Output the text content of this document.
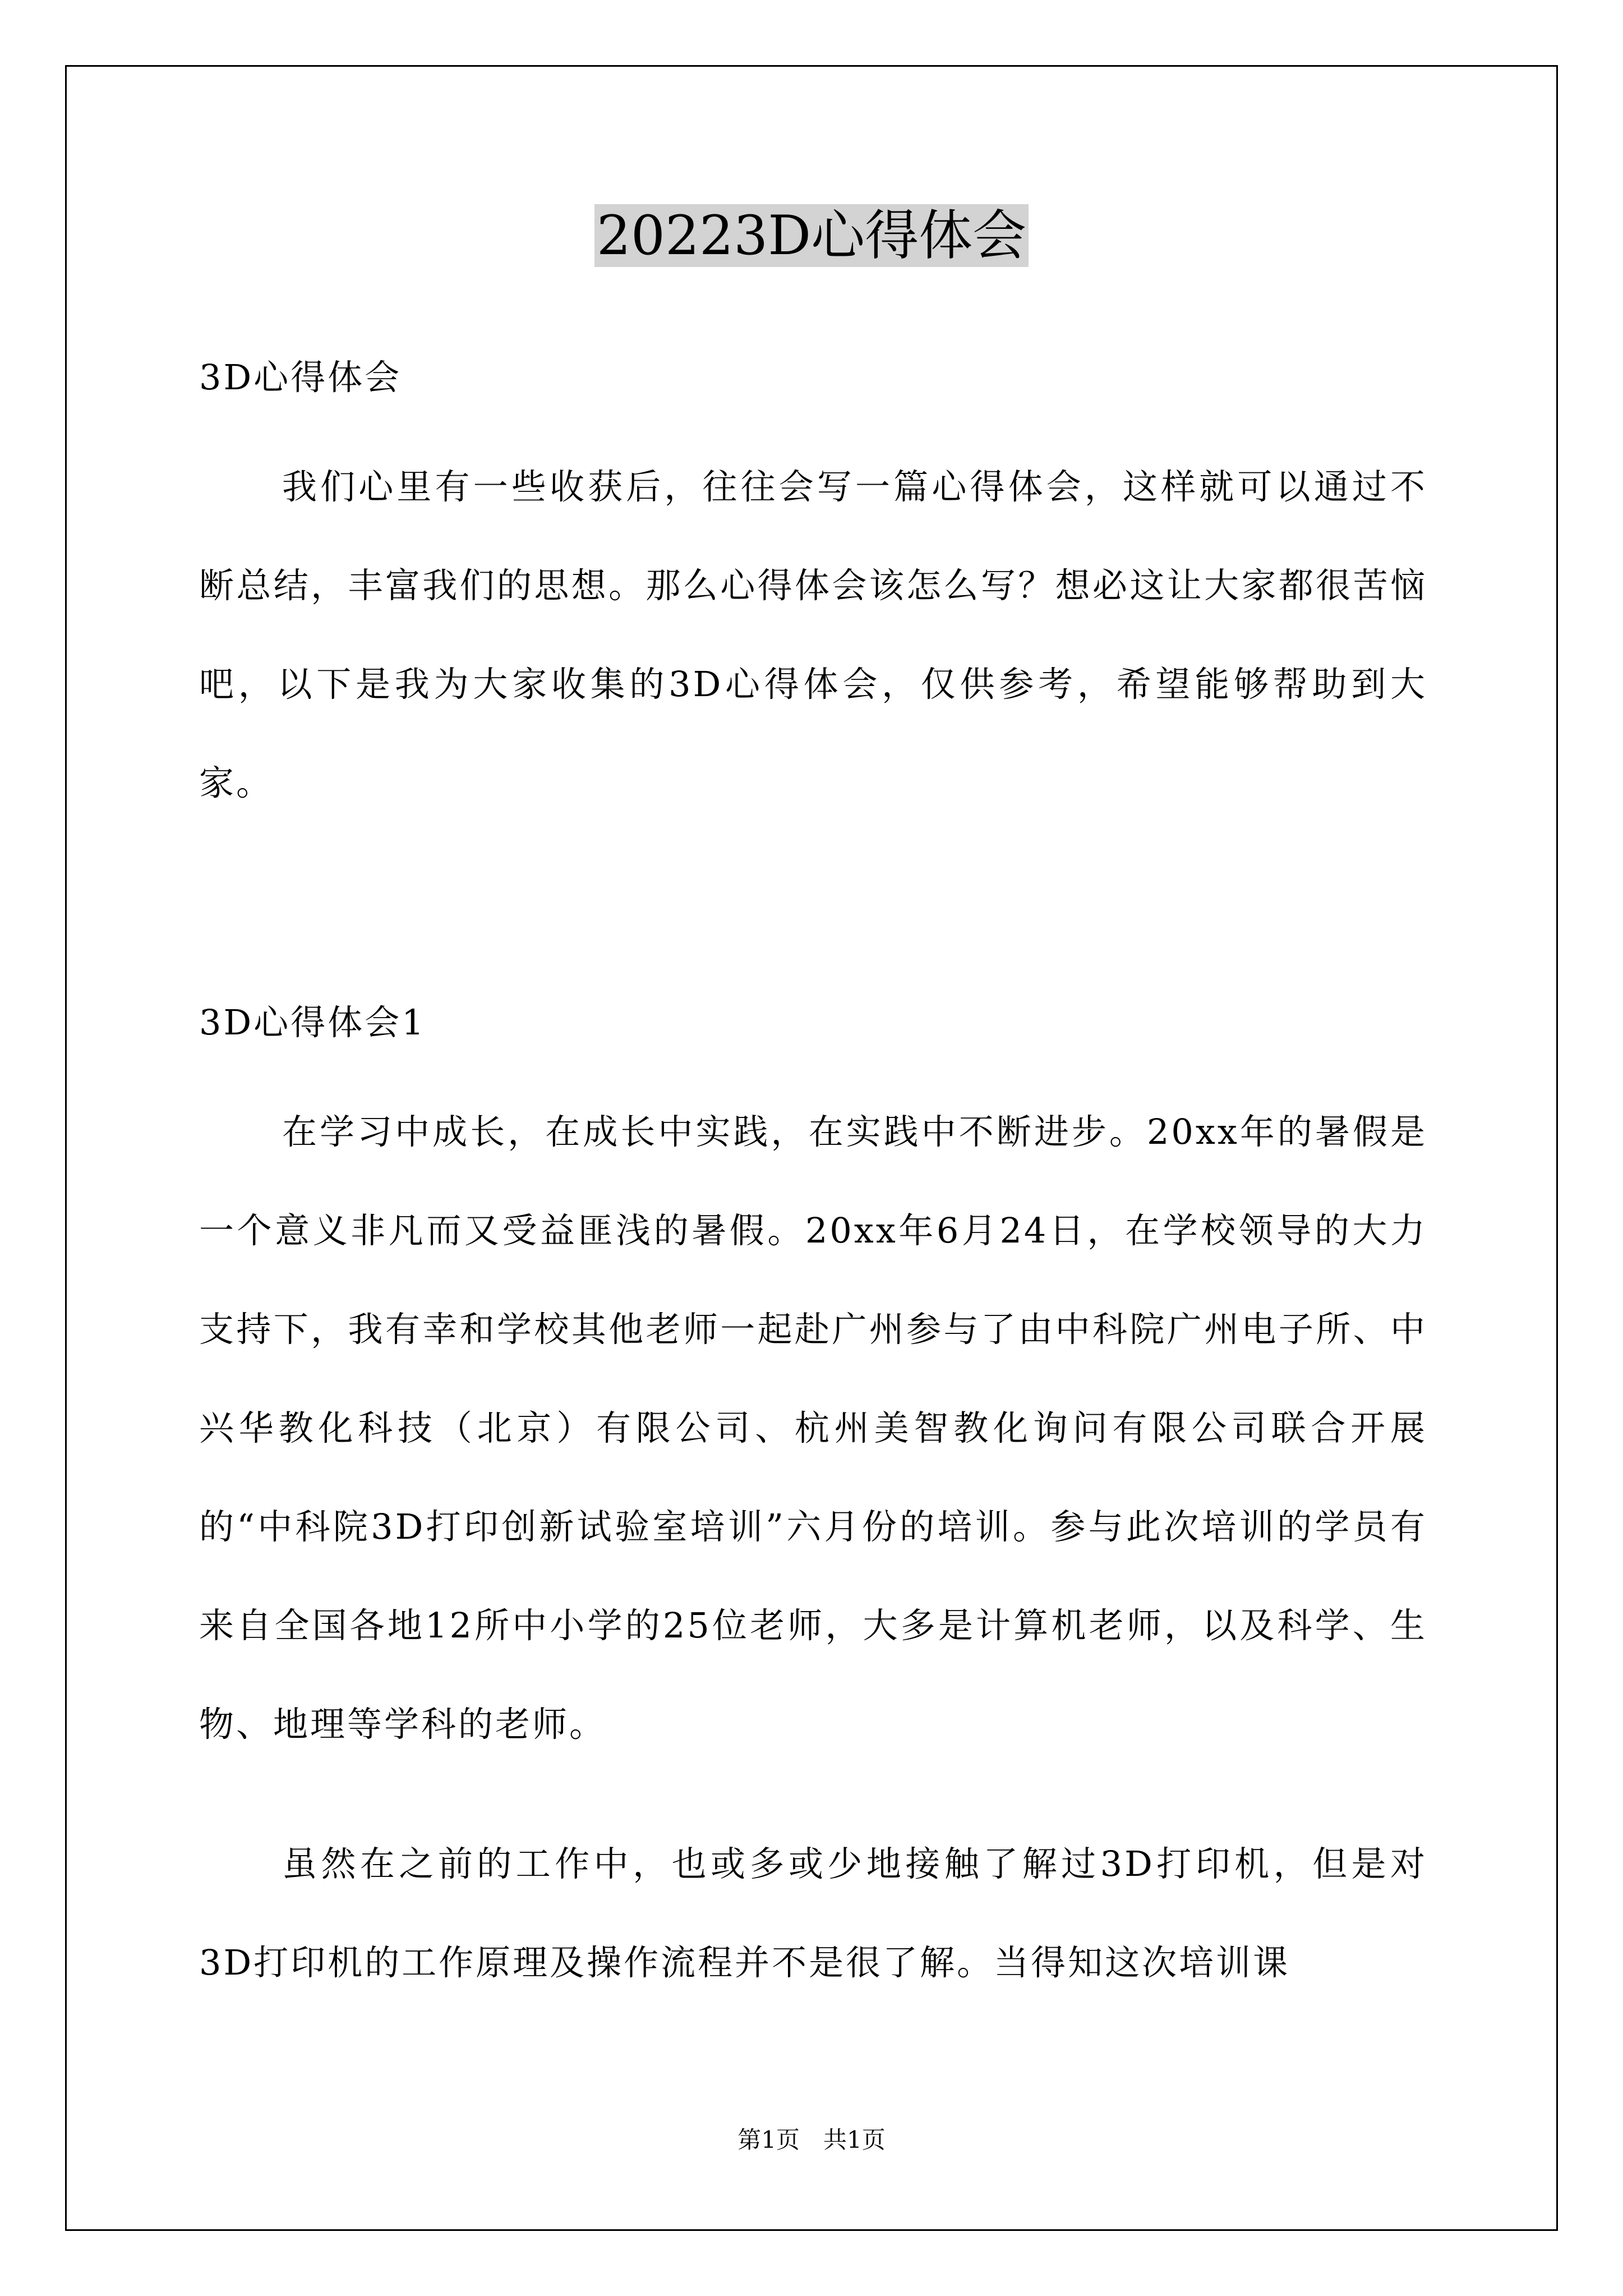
20223D心得体会

3D心得体会

我们心里有一些收获后，往往会写一篇心得体会，这样就可以通过不断总结，丰富我们的思想。那么心得体会该怎么写？想必这让大家都很苦恼吧，以下是我为大家收集的3D心得体会，仅供参考，希望能够帮助到大家。

3D心得体会1

在学习中成长，在成长中实践，在实践中不断进步。20xx年的暑假是一个意义非凡而又受益匪浅的暑假。20xx年6月24日，在学校领导的大力支持下，我有幸和学校其他老师一起赴广州参与了由中科院广州电子所、中兴华教化科技（北京）有限公司、杭州美智教化询问有限公司联合开展的“中科院3D打印创新试验室培训”六月份的培训。参与此次培训的学员有来自全国各地12所中小学的25位老师，大多是计算机老师，以及科学、生物、地理等学科的老师。

虽然在之前的工作中，也或多或少地接触了解过3D打印机，但是对3D打印机的工作原理及操作流程并不是很了解。当得知这次培训课

第1页　共1页
